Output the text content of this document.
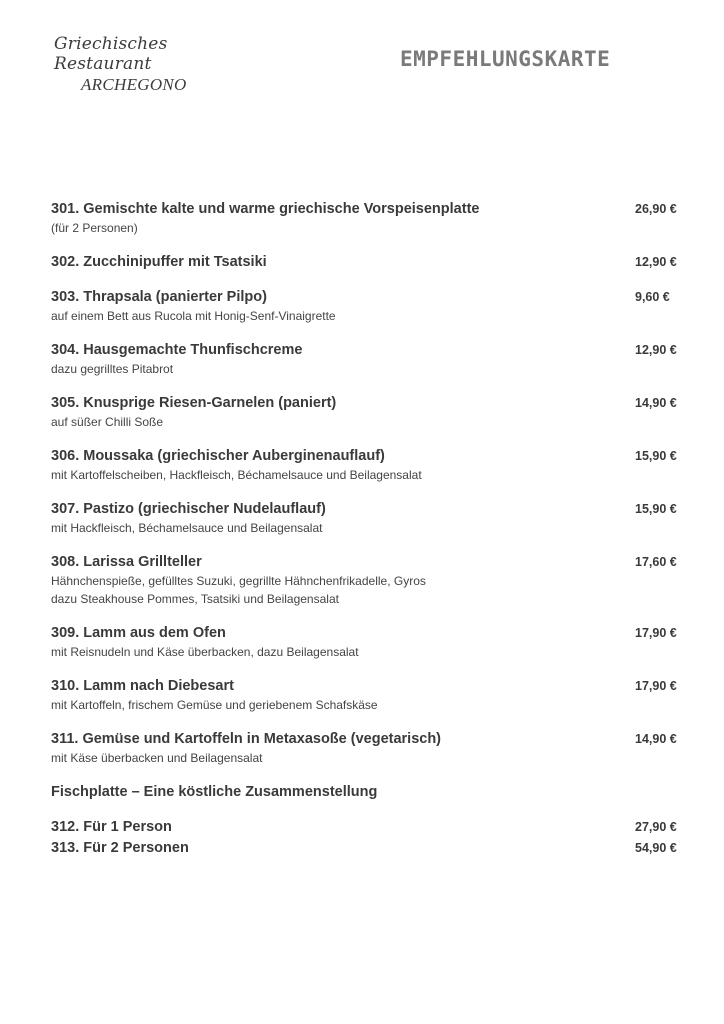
Griechisches Restaurant
ARCHEGONO
EMPFEHLUNGSKARTE
301. Gemischte kalte und warme griechische Vorspeisenplatte	26,90 €
(für 2 Personen)
302. Zucchinipuffer mit Tsatsiki	12,90 €
303. Thrapsala (panierter Pilpo)	9,60 €
auf einem Bett aus Rucola mit Honig-Senf-Vinaigrette
304. Hausgemachte Thunfischcreme	12,90 €
dazu gegrilltes Pitabrot
305. Knusprige Riesen-Garnelen (paniert)	14,90 €
auf süßer Chilli Soße
306. Moussaka (griechischer Auberginenauflauf)	15,90 €
mit Kartoffelscheiben, Hackfleisch, Béchamelsauce und Beilagensalat
307. Pastizo (griechischer Nudelauflauf)	15,90 €
mit Hackfleisch, Béchamelsauce und Beilagensalat
308. Larissa Grillteller	17,60 €
Hähnchenspieße, gefülltes Suzuki, gegrillte Hähnchenfrikadelle, Gyros
dazu Steakhouse Pommes, Tsatsiki und Beilagensalat
309. Lamm aus dem Ofen	17,90 €
mit Reisnudeln und Käse überbacken, dazu Beilagensalat
310. Lamm nach Diebesart	17,90 €
mit Kartoffeln, frischem Gemüse und geriebenem Schafskäse
311. Gemüse und Kartoffeln in Metaxasoße (vegetarisch)	14,90 €
mit Käse überbacken und Beilagensalat
Fischplatte – Eine köstliche Zusammenstellung
312. Für 1 Person	27,90 €
313. Für 2 Personen	54,90 €
